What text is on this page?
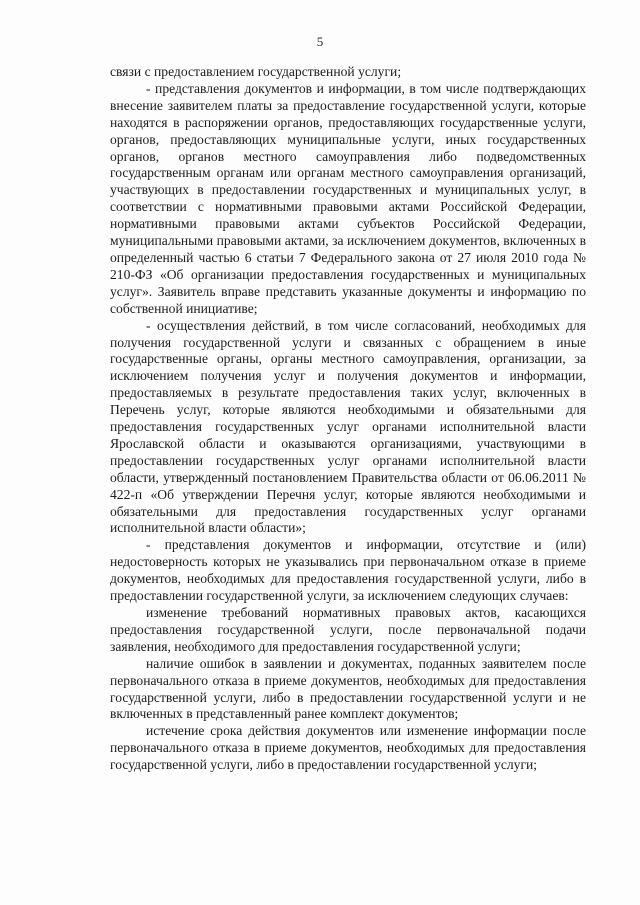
5

связи с предоставлением государственной услуги;

- представления документов и информации, в том числе подтверждающих внесение заявителем платы за предоставление государственной услуги, которые находятся в распоряжении органов, предоставляющих государственные услуги, органов, предоставляющих муниципальные услуги, иных государственных органов, органов местного самоуправления либо подведомственных государственным органам или органам местного самоуправления организаций, участвующих в предоставлении государственных и муниципальных услуг, в соответствии с нормативными правовыми актами Российской Федерации, нормативными правовыми актами субъектов Российской Федерации, муниципальными правовыми актами, за исключением документов, включенных в определенный частью 6 статьи 7 Федерального закона от 27 июля 2010 года № 210-ФЗ «Об организации предоставления государственных и муниципальных услуг». Заявитель вправе представить указанные документы и информацию по собственной инициативе;

- осуществления действий, в том числе согласований, необходимых для получения государственной услуги и связанных с обращением в иные государственные органы, органы местного самоуправления, организации, за исключением получения услуг и получения документов и информации, предоставляемых в результате предоставления таких услуг, включенных в Перечень услуг, которые являются необходимыми и обязательными для предоставления государственных услуг органами исполнительной власти Ярославской области и оказываются организациями, участвующими в предоставлении государственных услуг органами исполнительной власти области, утвержденный постановлением Правительства области от 06.06.2011 № 422-п «Об утверждении Перечня услуг, которые являются необходимыми и обязательными для предоставления государственных услуг органами исполнительной власти области»;

- представления документов и информации, отсутствие и (или) недостоверность которых не указывались при первоначальном отказе в приеме документов, необходимых для предоставления государственной услуги, либо в предоставлении государственной услуги, за исключением следующих случаев:

изменение требований нормативных правовых актов, касающихся предоставления государственной услуги, после первоначальной подачи заявления, необходимого для предоставления государственной услуги;

наличие ошибок в заявлении и документах, поданных заявителем после первоначального отказа в приеме документов, необходимых для предоставления государственной услуги, либо в предоставлении государственной услуги и не включенных в представленный ранее комплект документов;

истечение срока действия документов или изменение информации после первоначального отказа в приеме документов, необходимых для предоставления государственной услуги, либо в предоставлении государственной услуги;
